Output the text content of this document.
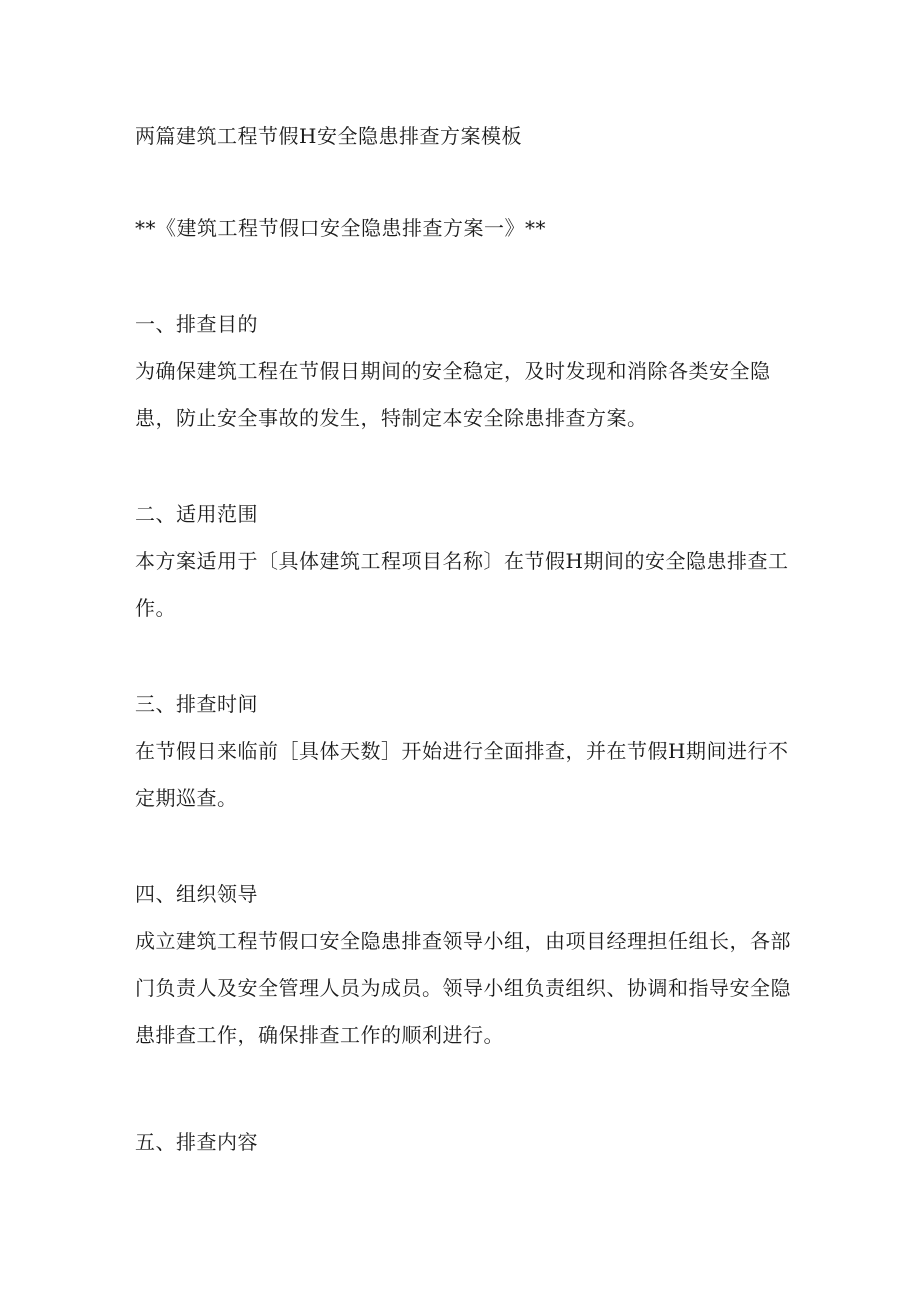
两篇建筑工程节假H安全隐患排查方案模板
**《建筑工程节假口安全隐患排查方案一》**
一、排查目的
为确保建筑工程在节假日期间的安全稳定，及时发现和消除各类安全隐
患，防止安全事故的发生，特制定本安全除患排查方案。
二、适用范围
本方案适用于〔具体建筑工程项目名称〕在节假H期间的安全隐患排查工
作。
三、排查时间
在节假日来临前［具体天数］开始进行全面排查，并在节假H期间进行不
定期巡查。
四、组织领导
成立建筑工程节假口安全隐患排查领导小组，由项目经理担任组长，各部
门负责人及安全管理人员为成员。领导小组负责组织、协调和指导安全隐
患排查工作，确保排查工作的顺利进行。
五、排查内容
